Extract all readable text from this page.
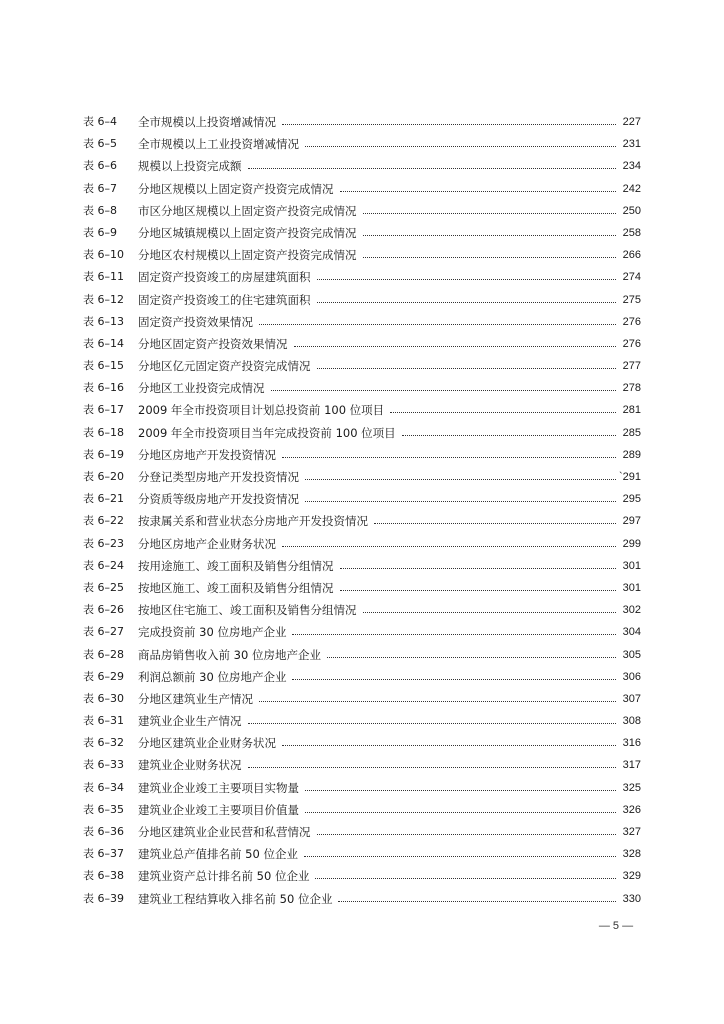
表 6–4	全市规模以上投资增减情况	227
表 6–5	全市规模以上工业投资增减情况	231
表 6–6	规模以上投资完成额	234
表 6–7	分地区规模以上固定资产投资完成情况	242
表 6–8	市区分地区规模以上固定资产投资完成情况	250
表 6–9	分地区城镇规模以上固定资产投资完成情况	258
表 6–10	分地区农村规模以上固定资产投资完成情况	266
表 6–11	固定资产投资竣工的房屋建筑面积	274
表 6–12	固定资产投资竣工的住宅建筑面积	275
表 6–13	固定资产投资效果情况	276
表 6–14	分地区固定资产投资效果情况	276
表 6–15	分地区亿元固定资产投资完成情况	277
表 6–16	分地区工业投资完成情况	278
表 6–17	2009 年全市投资项目计划总投资前 100 位项目	281
表 6–18	2009 年全市投资项目当年完成投资前 100 位项目	285
表 6–19	分地区房地产开发投资情况	289
表 6–20	分登记类型房地产开发投资情况	`291
表 6–21	分资质等级房地产开发投资情况	295
表 6–22	按隶属关系和营业状态分房地产开发投资情况	297
表 6–23	分地区房地产企业财务状况	299
表 6–24	按用途施工、竣工面积及销售分组情况	301
表 6–25	按地区施工、竣工面积及销售分组情况	301
表 6–26	按地区住宅施工、竣工面积及销售分组情况	302
表 6–27	完成投资前 30 位房地产企业	304
表 6–28	商品房销售收入前 30 位房地产企业	305
表 6–29	利润总额前 30 位房地产企业	306
表 6–30	分地区建筑业生产情况	307
表 6–31	建筑业企业生产情况	308
表 6–32	分地区建筑业企业财务状况	316
表 6–33	建筑业企业财务状况	317
表 6–34	建筑业企业竣工主要项目实物量	325
表 6–35	建筑业企业竣工主要项目价值量	326
表 6–36	分地区建筑业企业民营和私营情况	327
表 6–37	建筑业总产值排名前 50 位企业	328
表 6–38	建筑业资产总计排名前 50 位企业	329
表 6–39	建筑业工程结算收入排名前 50 位企业	330
— 5 —
